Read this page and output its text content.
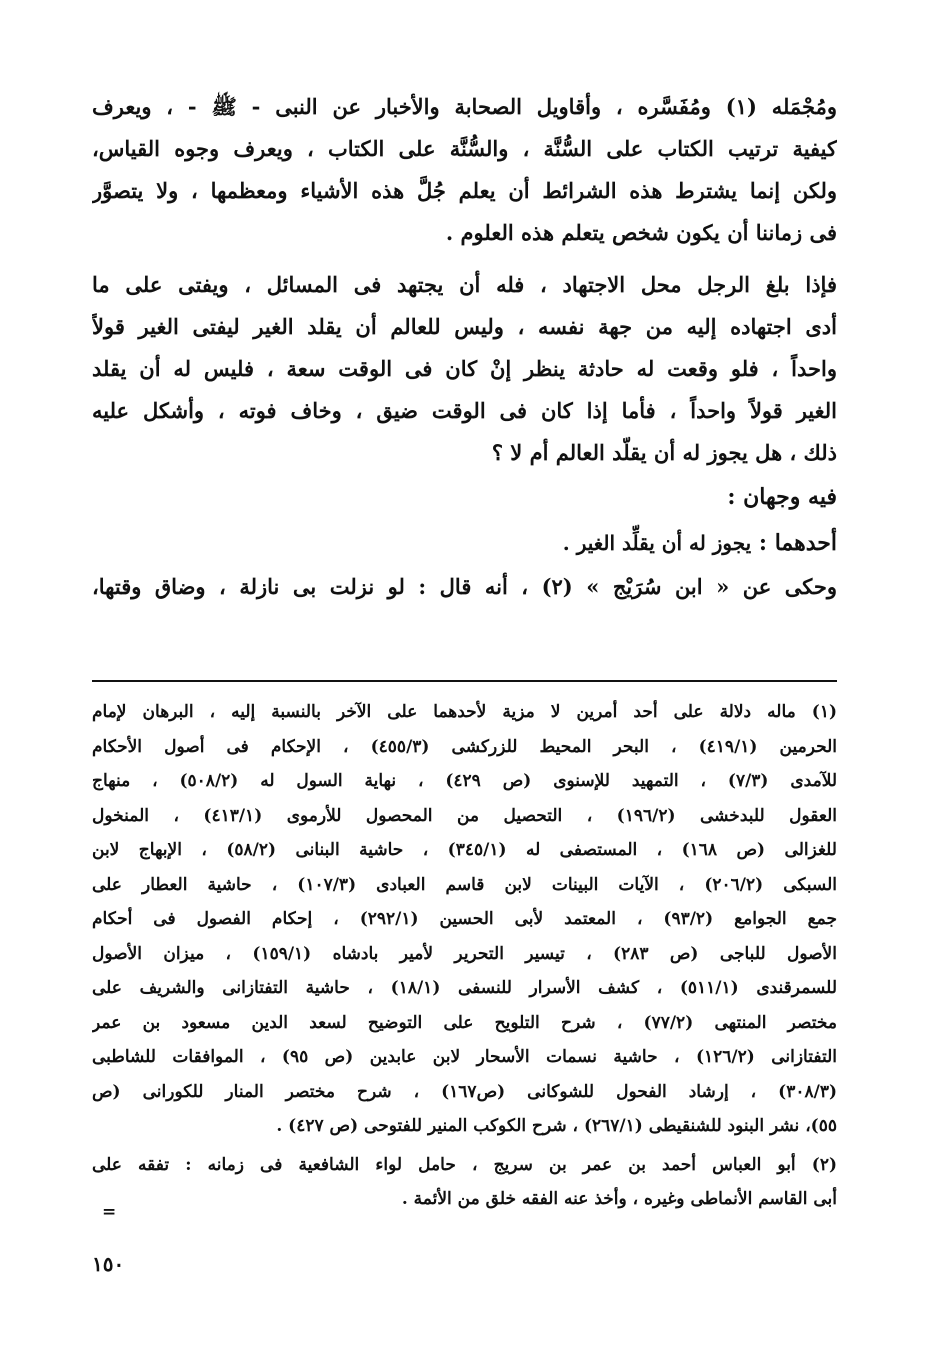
ومُجْمَله (١) ومُفَسَّره ، وأقاويل الصحابة والأخبار عن النبى - ﷺ - ، ويعرف
كيفية ترتيب الكتاب على السُّنَّة ، والسُّنَّة على الكتاب ، ويعرف وجوه القياس،
ولكن إنما يشترط هذه الشرائط أن يعلم جُلَّ هذه الأشياء ومعظمها ، ولا يتصوَّر
فى زماننا أن يكون شخص يتعلم هذه العلوم .
فإذا بلغ الرجل محل الاجتهاد ، فله أن يجتهد فى المسائل ، ويفتى على ما
أدى اجتهاده إليه من جهة نفسه ، وليس للعالم أن يقلد الغير ليفتى الغير قولاً
واحداً ، فلو وقعت له حادثة ينظر إنْ كان فى الوقت سعة ، فليس له أن يقلد
الغير قولاً واحداً ، فأما إذا كان فى الوقت ضيق ، وخاف فوته ، وأشكل عليه
ذلك ، هل يجوز له أن يقلّد العالم أم لا ؟
فيه وجهان :
أحدهما : يجوز له أن يقلِّد الغير .
وحكى عن « ابن سُرَيْج » (٢) ، أنه قال : لو نزلت بى نازلة ، وضاق وقتها،
(١) ماله دلالة على أحد أمرين لا مزية لأحدهما على الآخر بالنسبة إليه ، البرهان لإمام
الحرمين (٤١٩/١) ، البحر المحيط للزركشى (٤٥٥/٣) ، الإحكام فى أصول الأحكام
للآمدى (٧/٣) ، التمهيد للإسنوى (ص ٤٢٩) ، نهاية السول له (٥٠٨/٢) ، منهاج
العقول للبدخشى (١٩٦/٢) ، التحصيل من المحصول للأرموى (٤١٣/١) ، المنخول
للغزالى (ص ١٦٨) ، المستصفى له (٣٤٥/١) ، حاشية البنانى (٥٨/٢) ، الإبهاج لابن
السبكى (٢٠٦/٢) ، الآيات البينات لابن قاسم العبادى (١٠٧/٣) ، حاشية العطار على
جمع الجوامع (٩٣/٢) ، المعتمد لأبى الحسين (٢٩٢/١) ، إحكام الفصول فى أحكام
الأصول للباجى (ص ٢٨٣) ، تيسير التحرير لأمير بادشاه (١٥٩/١) ، ميزان الأصول
للسمرقندى (٥١١/١) ، كشف الأسرار للنسفى (١٨/١) ، حاشية التفتازانى والشريف على
مختصر المنتهى (٧٧/٢) ، شرح التلويح على التوضيح لسعد الدين مسعود بن عمر
التفتازانى (١٢٦/٢) ، حاشية نسمات الأسحار لابن عابدين (ص ٩٥) ، الموافقات للشاطبى
(٣٠٨/٣) ، إرشاد الفحول للشوكانى (ص١٦٧) ، شرح مختصر المنار للكورانى (ص
٥٥)، نشر البنود للشنقيطى (٢٦٧/١) ، شرح الكوكب المنير للفتوحى (ص ٤٢٧) .
(٢) أبو العباس أحمد بن عمر بن سريج ، حامل لواء الشافعية فى زمانه : تفقه على
أبى القاسم الأنماطى وغيره ، وأخذ عنه الفقه خلق من الأئمة .
=
١٥٠
